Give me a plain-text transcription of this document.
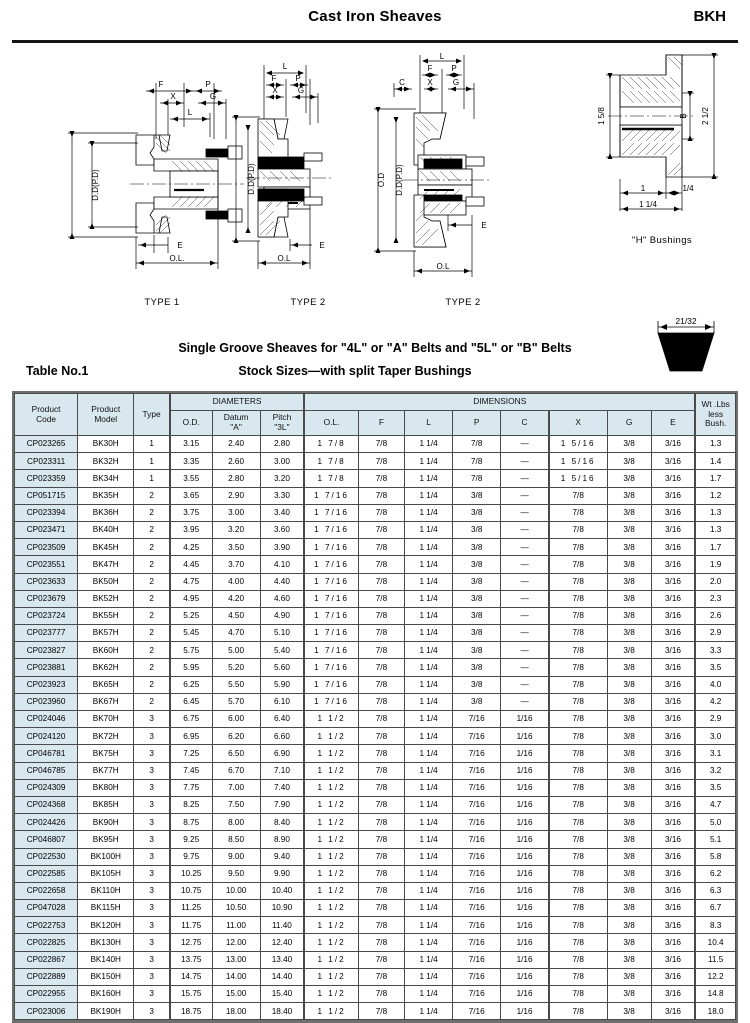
Cast Iron Sheaves	BKH
F	P
X	G
L
D.D(P.D)
E
O.L.
TYPE 1
L
F P
X	G
D.D(P.D)
E
O.L
TYPE 2
L
F P
C	X	G
O.D D.D(P.D)
E
O.L
TYPE 2
1 5/8	B 2 1/2
1	1/4
1 1/4
"H" Bushings
Single Groove Sheaves for "4L" or "A" Belts and "5L" or "B" Belts
Table No.1	Stock Sizes—with split Taper Bushings
21/32
Product
Code

Product
Model	Type	DIAMETERS	DIMENSIONS	Wt .Lbs
less
Bush.

O.D.	Datum
"A"

Pitch
"3L"	O.L.	F	L	P	C	X	G	E

CP023265	BK30H	1	3.15	2.40	2.80	1 7/8	7/8	1 1/4	7/8	—	1 5/16	3/8	3/16	1.3
CP023311	BK32H	1	3.35	2.60	3.00	1 7/8	7/8	1 1/4	7/8	—	1 5/16	3/8	3/16	1.4
CP023359	BK34H	1	3.55	2.80	3.20	1 7/8	7/8	1 1/4	7/8	—	1 5/16	3/8	3/16	1.7
CP051715	BK35H	2	3.65	2.90	3.30	1 7/16	7/8	1 1/4	3/8	—	7/8	3/8	3/16	1.2
CP023394	BK36H	2	3.75	3.00	3.40	1 7/16	7/8	1 1/4	3/8	—	7/8	3/8	3/16	1.3
CP023471	BK40H	2	3.95	3.20	3.60	1 7/16	7/8	1 1/4	3/8	—	7/8	3/8	3/16	1.3
CP023509	BK45H	2	4.25	3.50	3.90	1 7/16	7/8	1 1/4	3/8	—	7/8	3/8	3/16	1.7
CP023551	BK47H	2	4.45	3.70	4.10	1 7/16	7/8	1 1/4	3/8	—	7/8	3/8	3/16	1.9
CP023633	BK50H	2	4.75	4.00	4.40	1 7/16	7/8	1 1/4	3/8	—	7/8	3/8	3/16	2.0
CP023679	BK52H	2	4.95	4.20	4.60	1 7/16	7/8	1 1/4	3/8	—	7/8	3/8	3/16	2.3
CP023724	BK55H	2	5.25	4.50	4.90	1 7/16	7/8	1 1/4	3/8	—	7/8	3/8	3/16	2.6
CP023777	BK57H	2	5.45	4.70	5.10	1 7/16	7/8	1 1/4	3/8	—	7/8	3/8	3/16	2.9
CP023827	BK60H	2	5.75	5.00	5.40	1 7/16	7/8	1 1/4	3/8	—	7/8	3/8	3/16	3.3
CP023881	BK62H	2	5.95	5.20	5.60	1 7/16	7/8	1 1/4	3/8	—	7/8	3/8	3/16	3.5
CP023923	BK65H	2	6.25	5.50	5.90	1 7/16	7/8	1 1/4	3/8	—	7/8	3/8	3/16	4.0
CP023960	BK67H	2	6.45	5.70	6.10	1 7/16	7/8	1 1/4	3/8	—	7/8	3/8	3/16	4.2
CP024046	BK70H	3	6.75	6.00	6.40	1 1/2	7/8	1 1/4	7/16	1/16	7/8	3/8	3/16	2.9
CP024120	BK72H	3	6.95	6.20	6.60	1 1/2	7/8	1 1/4	7/16	1/16	7/8	3/8	3/16	3.0
CP046781	BK75H	3	7.25	6.50	6.90	1 1/2	7/8	1 1/4	7/16	1/16	7/8	3/8	3/16	3.1
CP046785	BK77H	3	7.45	6.70	7.10	1 1/2	7/8	1 1/4	7/16	1/16	7/8	3/8	3/16	3.2
CP024309	BK80H	3	7.75	7.00	7.40	1 1/2	7/8	1 1/4	7/16	1/16	7/8	3/8	3/16	3.5
CP024368	BK85H	3	8.25	7.50	7.90	1 1/2	7/8	1 1/4	7/16	1/16	7/8	3/8	3/16	4.7
CP024426	BK90H	3	8.75	8.00	8.40	1 1/2	7/8	1 1/4	7/16	1/16	7/8	3/8	3/16	5.0
CP046807	BK95H	3	9.25	8.50	8.90	1 1/2	7/8	1 1/4	7/16	1/16	7/8	3/8	3/16	5.1
CP022530	BK100H	3	9.75	9.00	9.40	1 1/2	7/8	1 1/4	7/16	1/16	7/8	3/8	3/16	5.8
CP022585	BK105H	3	10.25	9.50	9.90	1 1/2	7/8	1 1/4	7/16	1/16	7/8	3/8	3/16	6.2
CP022658	BK110H	3	10.75	10.00	10.40	1 1/2	7/8	1 1/4	7/16	1/16	7/8	3/8	3/16	6.3
CP047028	BK115H	3	11.25	10.50	10.90	1 1/2	7/8	1 1/4	7/16	1/16	7/8	3/8	3/16	6.7
CP022753	BK120H	3	11.75	11.00	11.40	1 1/2	7/8	1 1/4	7/16	1/16	7/8	3/8	3/16	8.3
CP022825	BK130H	3	12.75	12.00	12.40	1 1/2	7/8	1 1/4	7/16	1/16	7/8	3/8	3/16	10.4
CP022867	BK140H	3	13.75	13.00	13.40	1 1/2	7/8	1 1/4	7/16	1/16	7/8	3/8	3/16	11.5
CP022889	BK150H	3	14.75	14.00	14.40	1 1/2	7/8	1 1/4	7/16	1/16	7/8	3/8	3/16	12.2
CP022955	BK160H	3	15.75	15.00	15.40	1 1/2	7/8	1 1/4	7/16	1/16	7/8	3/8	3/16	14.8
CP023006	BK190H	3	18.75	18.00	18.40	1 1/2	7/8	1 1/4	7/16	1/16	7/8	3/8	3/16	18.0
